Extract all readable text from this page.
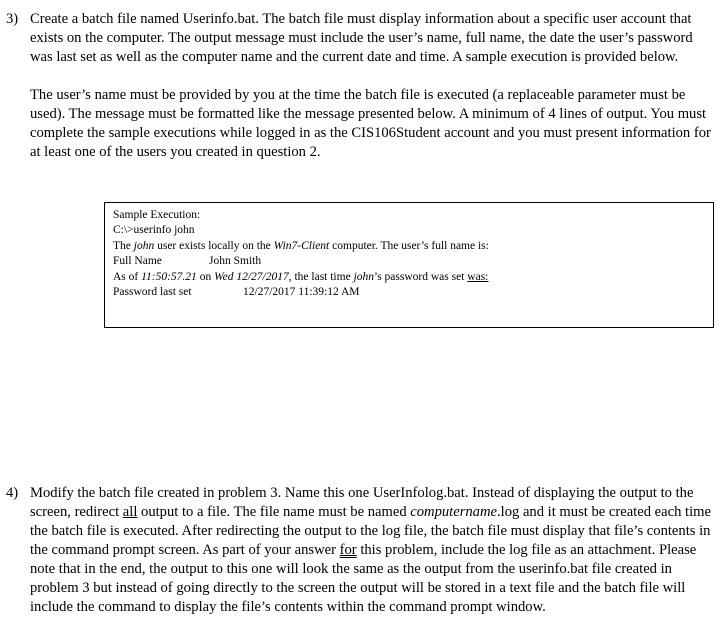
3) Create a batch file named Userinfo.bat. The batch file must display information about a specific user account that exists on the computer. The output message must include the user’s name, full name, the date the user’s password was last set as well as the computer name and the current date and time. A sample execution is provided below.
The user’s name must be provided by you at the time the batch file is executed (a replaceable parameter must be used). The message must be formatted like the message presented below. A minimum of 4 lines of output. You must complete the sample executions while logged in as the CIS106Student account and you must present information for at least one of the users you created in question 2.
Sample Execution:
C:\>userinfo john
The john user exists locally on the Win7-Client computer. The user’s full name is:
Full Name	John Smith
As of 11:50:57.21 on Wed 12/27/2017, the last time john’s password was set was:
Password last set	12/27/2017 11:39:12 AM
4) Modify the batch file created in problem 3. Name this one UserInfolog.bat. Instead of displaying the output to the screen, redirect all output to a file. The file name must be named computername.log and it must be created each time the batch file is executed. After redirecting the output to the log file, the batch file must display that file’s contents in the command prompt screen. As part of your answer for this problem, include the log file as an attachment. Please note that in the end, the output to this one will look the same as the output from the userinfo.bat file created in problem 3 but instead of going directly to the screen the output will be stored in a text file and the batch file will include the command to display the file’s contents within the command prompt window.
